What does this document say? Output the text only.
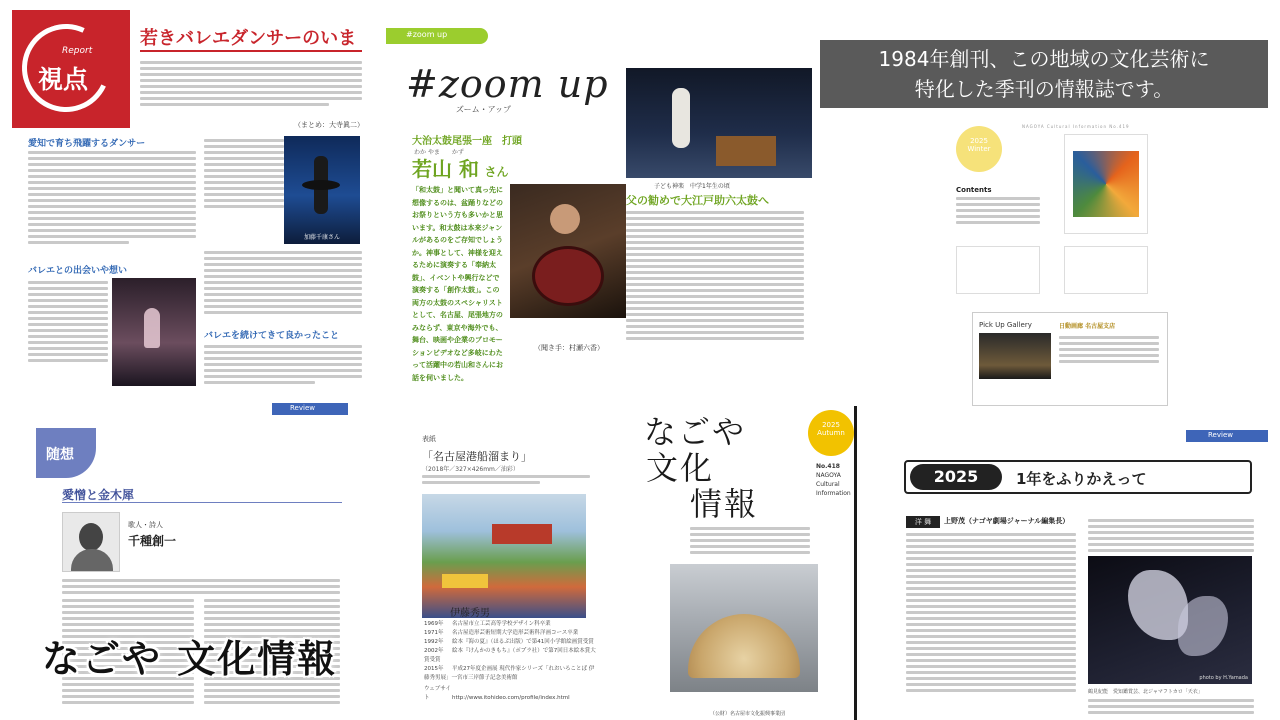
Report
視点
若きバレエダンサーのいま
（まとめ：大寺眞二）
愛知で育ち飛躍するダンサー
バレエとの出会いや想い
加藤千康さん
バレエを続けてきて良かったこと
Review
#zoom up
#zoom up
ズーム・アップ
大治太鼓尾張一座　打頭
わか やま　　かず
若山 和 さん
「和太鼓」と聞いて真っ先に想像するのは、盆踊りなどのお祭りという方も多いかと思います。和太鼓は本来ジャンルがあるのをご存知でしょうか。神事として、神様を迎えるために演奏する「奉納太鼓」、イベントや興行などで演奏する「創作太鼓」。この両方の太鼓のスペシャリストとして、名古屋、尾張地方のみならず、東京や海外でも、舞台、映画や企業のプロモーションビデオなど多岐にわたって活躍中の若山和さんにお話を伺いました。
（聞き手：村瀬六香）
子ども神楽　中学1年生の頃
父の勧めで大江戸助六太鼓へ
1984年創刊、この地域の文化芸術に
特化した季刊の情報誌です。
2025
Winter
NAGOYA Cultural Information No.419
Contents
Pick Up Gallery	日動画廊 名古屋支店
随想
愛憎と金木犀
歌人・詩人
千種創一
表紙
「名古屋港船溜まり」
（2018年／327×426mm／油彩）
伊藤秀男
1969年 名古屋市立工芸高等学校デザイン科卒業
1971年 名古屋造形芸術短期大学造形芸術科洋画コース卒業
1992年 絵本『海の夏』（ほるぷ出版）で第41回小学館絵画賞受賞
2002年 絵本『けんかのきもち』（ポプラ社）で第7回日本絵本賞大賞受賞
2015年 平成27年度企画展 現代作家シリーズ「れおいろことば 伊藤秀男展」一宮市三岸節子記念美術館
ウェブサイト	http://www.itohideo.com/profile/index.html
なごや
文化
情報
2025
Autumn
No.418
NAGOYA
Cultural
Information
（公財）名古屋市文化振興事業団
Review
2025	1年をふりかえって
洋 舞	上野茂（ナゴヤ劇場ジャーナル編集長）
photo by H.Yamada
鶴見紀能　愛知鑑賞芸、北ジャマフトカロ「天衣」
なごや 文化情報
